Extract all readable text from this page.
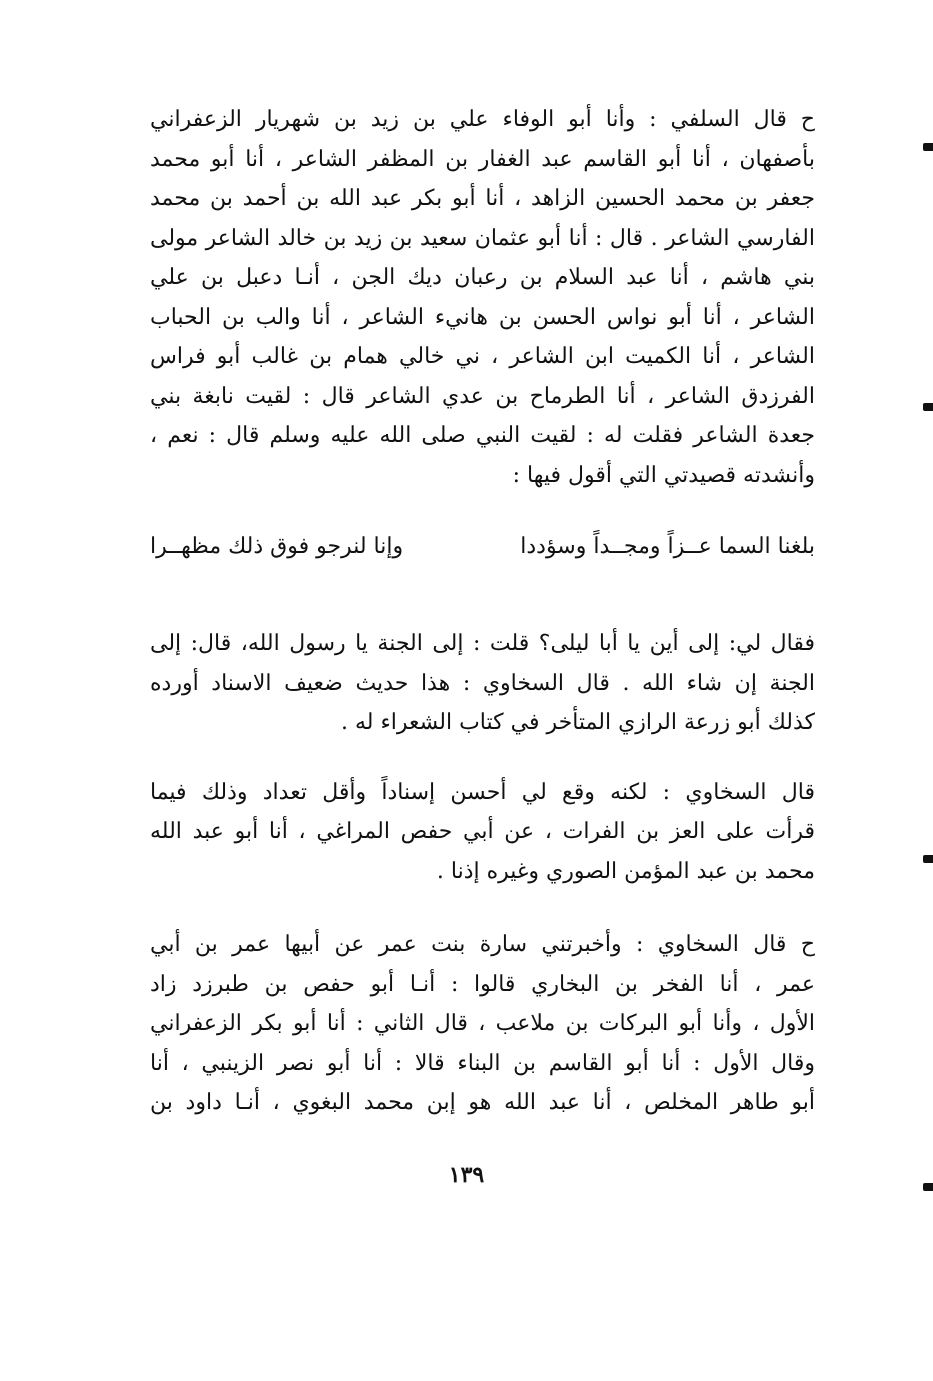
ح قال السلفي : وأنا أبو الوفاء علي بن زيد بن شهريار الزعفراني
بأصفهان ، أنا أبو القاسم عبد الغفار بن المظفر الشاعر ، أنا أبو محمد
جعفر بن محمد الحسين الزاهد ، أنا أبو بكر عبد الله بن أحمد بن محمد
الفارسي الشاعر . قال : أنا أبو عثمان سعيد بن زيد بن خالد الشاعر مولى
بني هاشم ، أنا عبد السلام بن رعبان ديك الجن ، أنـا دعبل بن علي
الشاعر ، أنا أبو نواس الحسن بن هانيء الشاعر ، أنا والب بن الحباب
الشاعر ، أنا الكميت ابن الشاعر ، ني خالي همام بن غالب أبو فراس
الفرزدق الشاعر ، أنا الطرماح بن عدي الشاعر قال : لقيت نابغة بني
جعدة الشاعر فقلت له : لقيت النبي صلى الله عليه وسلم قال : نعم ،
وأنشدته قصيدتي التي أقول فيها :
بلغنا السما عــزاً ومجــداً وسؤددا
وإنا لنرجو فوق ذلك مظهــرا
فقال لي: إلى أين يا أبا ليلى؟ قلت : إلى الجنة يا رسول الله، قال: إلى
الجنة إن شاء الله . قال السخاوي : هذا حديث ضعيف الاسناد أورده
كذلك أبو زرعة الرازي المتأخر في كتاب الشعراء له .
قال السخاوي : لكنه وقع لي أحسن إسناداً وأقل تعداد وذلك فيما
قرأت على العز بن الفرات ، عن أبي حفص المراغي ، أنا أبو عبد الله
محمد بن عبد المؤمن الصوري وغيره إذنا .
ح قال السخاوي : وأخبرتني سارة بنت عمر عن أبيها عمر بن أبي
عمر ، أنا الفخر بن البخاري قالوا : أنـا أبو حفص بن طبرزد زاد
الأول ، وأنا أبو البركات بن ملاعب ، قال الثاني : أنا أبو بكر الزعفراني
وقال الأول : أنا أبو القاسم بن البناء قالا : أنا أبو نصر الزينبي ، أنا
أبو طاهر المخلص ، أنا عبد الله هو إبن محمد البغوي ، أنـا داود بن
١٣٩
